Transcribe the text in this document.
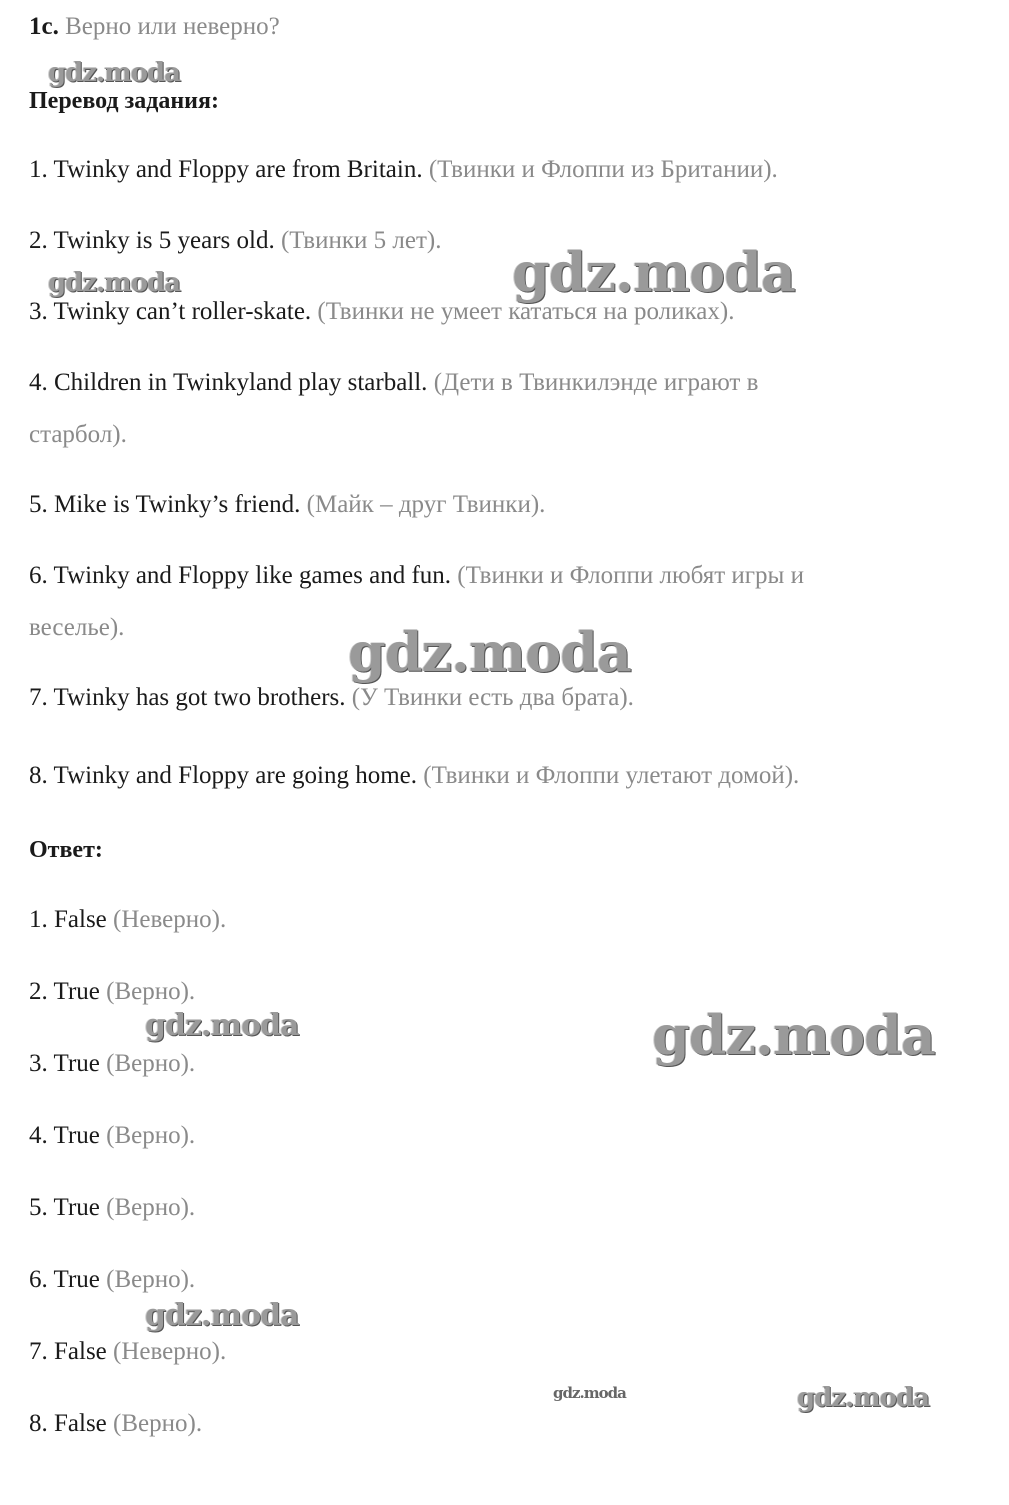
1c. Верно или неверно?
Перевод задания:
1. Twinky and Floppy are from Britain. (Твинки и Флоппи из Британии).
2. Twinky is 5 years old. (Твинки 5 лет).
3. Twinky can’t roller-skate. (Твинки не умеет кататься на роликах).
4. Children in Twinkyland play starball. (Дети в Твинкилэнде играют в
старбол).
5. Mike is Twinky’s friend. (Майк – друг Твинки).
6. Twinky and Floppy like games and fun. (Твинки и Флоппи любят игры и
веселье).
7. Twinky has got two brothers. (У Твинки есть два брата).
8. Twinky and Floppy are going home. (Твинки и Флоппи улетают домой).
Ответ:
1. False (Неверно).
2. True (Верно).
3. True (Верно).
4. True (Верно).
5. True (Верно).
6. True (Верно).
7. False (Неверно).
8. False (Верно).
gdz.moda
gdz.moda	gdz.moda
gdz.moda
gdz.moda	gdz.moda
gdz.moda
gdz.moda	gdz.moda
